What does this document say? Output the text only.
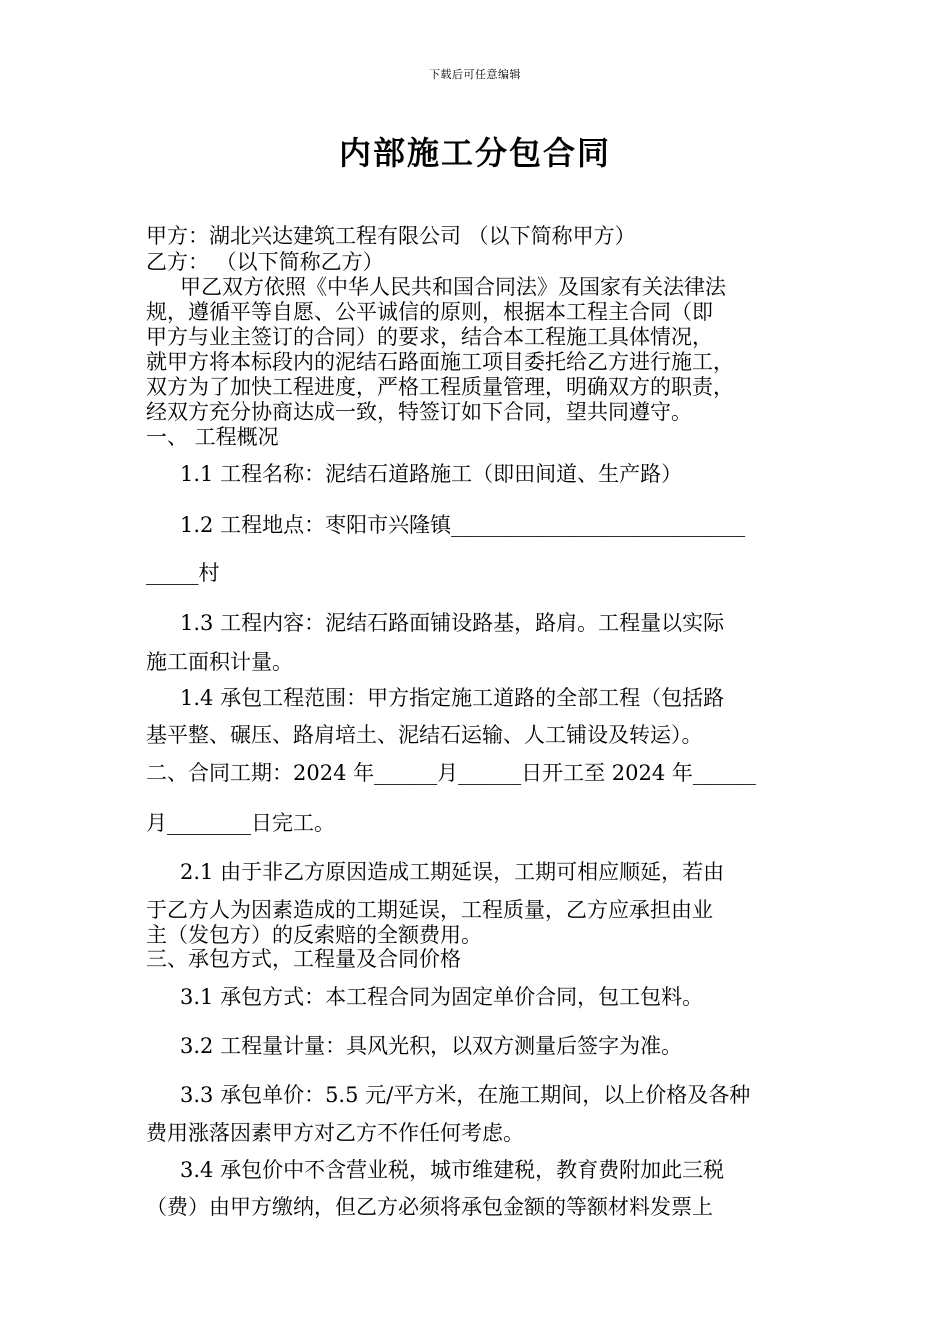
下载后可任意编辑
内部施工分包合同
甲方：湖北兴达建筑工程有限公司 （以下简称甲方）
乙方： （以下简称乙方）
甲乙双方依照《中华人民共和国合同法》及国家有关法律法
规，遵循平等自愿、公平诚信的原则，根据本工程主合同（即
甲方与业主签订的合同）的要求，结合本工程施工具体情况，
就甲方将本标段内的泥结石路面施工项目委托给乙方进行施工，
双方为了加快工程进度，严格工程质量管理，明确双方的职责，
经双方充分协商达成一致，特签订如下合同，望共同遵守。
一、 工程概况
1.1 工程名称：泥结石道路施工（即田间道、生产路）
1.2 工程地点：枣阳市兴隆镇____________________________
_____村
1.3 工程内容：泥结石路面铺设路基，路肩。工程量以实际
施工面积计量。
1.4 承包工程范围：甲方指定施工道路的全部工程（包括路
基平整、碾压、路肩培土、泥结石运输、人工铺设及转运）。
二、合同工期：2024 年______月______日开工至 2024 年______
月________日完工。
2.1 由于非乙方原因造成工期延误，工期可相应顺延，若由
于乙方人为因素造成的工期延误，工程质量，乙方应承担由业
主（发包方）的反索赔的全额费用。
三、承包方式，工程量及合同价格
3.1 承包方式：本工程合同为固定单价合同，包工包料。
3.2 工程量计量：具风光积，以双方测量后签字为准。
3.3 承包单价：5.5 元/平方米，在施工期间，以上价格及各种
费用涨落因素甲方对乙方不作任何考虑。
3.4 承包价中不含营业税，城市维建税，教育费附加此三税
（费）由甲方缴纳，但乙方必须将承包金额的等额材料发票上
